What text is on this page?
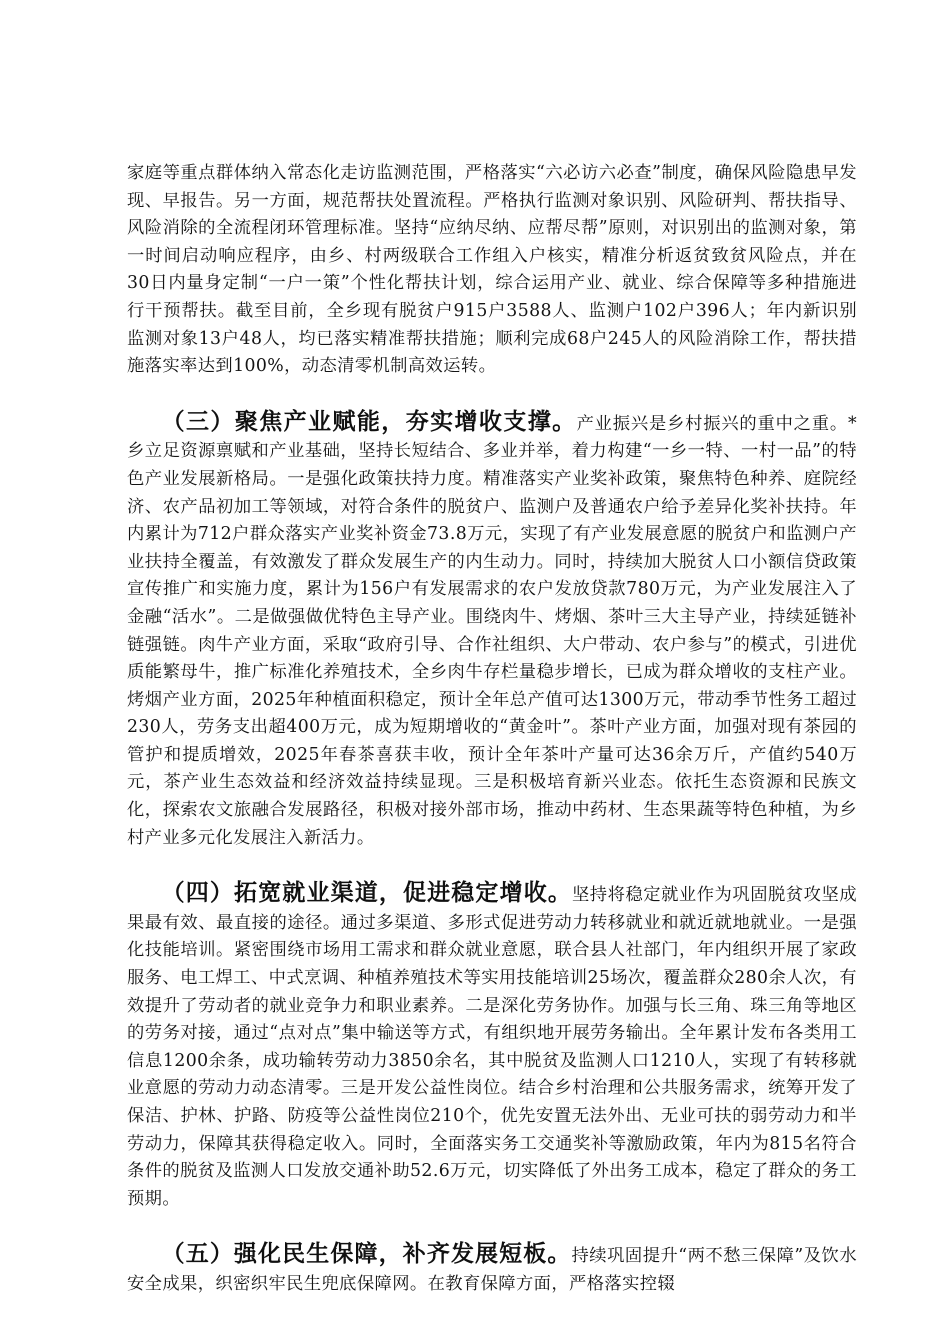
家庭等重点群体纳入常态化走访监测范围，严格落实“六必访六必查”制度，确保风险隐患早发现、早报告。另一方面，规范帮扶处置流程。严格执行监测对象识别、风险研判、帮扶指导、风险消除的全流程闭环管理标准。坚持“应纳尽纳、应帮尽帮”原则，对识别出的监测对象，第一时间启动响应程序，由乡、村两级联合工作组入户核实，精准分析返贫致贫风险点，并在30日内量身定制“一户一策”个性化帮扶计划，综合运用产业、就业、综合保障等多种措施进行干预帮扶。截至目前，全乡现有脱贫户915户3588人、监测户102户396人；年内新识别监测对象13户48人，均已落实精准帮扶措施；顺利完成68户245人的风险消除工作，帮扶措施落实率达到100%，动态清零机制高效运转。

（三）聚焦产业赋能，夯实增收支撑。产业振兴是乡村振兴的重中之重。*乡立足资源禀赋和产业基础，坚持长短结合、多业并举，着力构建“一乡一特、一村一品”的特色产业发展新格局。一是强化政策扶持力度。精准落实产业奖补政策，聚焦特色种养、庭院经济、农产品初加工等领域，对符合条件的脱贫户、监测户及普通农户给予差异化奖补扶持。年内累计为712户群众落实产业奖补资金73.8万元，实现了有产业发展意愿的脱贫户和监测户产业扶持全覆盖，有效激发了群众发展生产的内生动力。同时，持续加大脱贫人口小额信贷政策宣传推广和实施力度，累计为156户有发展需求的农户发放贷款780万元，为产业发展注入了金融“活水”。二是做强做优特色主导产业。围绕肉牛、烤烟、茶叶三大主导产业，持续延链补链强链。肉牛产业方面，采取“政府引导、合作社组织、大户带动、农户参与”的模式，引进优质能繁母牛，推广标准化养殖技术，全乡肉牛存栏量稳步增长，已成为群众增收的支柱产业。烤烟产业方面，2025年种植面积稳定，预计全年总产值可达1300万元，带动季节性务工超过230人，劳务支出超400万元，成为短期增收的“黄金叶”。茶叶产业方面，加强对现有茶园的管护和提质增效，2025年春茶喜获丰收，预计全年茶叶产量可达36余万斤，产值约540万元，茶产业生态效益和经济效益持续显现。三是积极培育新兴业态。依托生态资源和民族文化，探索农文旅融合发展路径，积极对接外部市场，推动中药材、生态果蔬等特色种植，为乡村产业多元化发展注入新活力。

（四）拓宽就业渠道，促进稳定增收。坚持将稳定就业作为巩固脱贫攻坚成果最有效、最直接的途径。通过多渠道、多形式促进劳动力转移就业和就近就地就业。一是强化技能培训。紧密围绕市场用工需求和群众就业意愿，联合县人社部门，年内组织开展了家政服务、电工焊工、中式烹调、种植养殖技术等实用技能培训25场次，覆盖群众280余人次，有效提升了劳动者的就业竞争力和职业素养。二是深化劳务协作。加强与长三角、珠三角等地区的劳务对接，通过“点对点”集中输送等方式，有组织地开展劳务输出。全年累计发布各类用工信息1200余条，成功输转劳动力3850余名，其中脱贫及监测人口1210人，实现了有转移就业意愿的劳动力动态清零。三是开发公益性岗位。结合乡村治理和公共服务需求，统筹开发了保洁、护林、护路、防疫等公益性岗位210个，优先安置无法外出、无业可扶的弱劳动力和半劳动力，保障其获得稳定收入。同时，全面落实务工交通奖补等激励政策，年内为815名符合条件的脱贫及监测人口发放交通补助52.6万元，切实降低了外出务工成本，稳定了群众的务工预期。

（五）强化民生保障，补齐发展短板。持续巩固提升“两不愁三保障”及饮水安全成果，织密织牢民生兜底保障网。在教育保障方面，严格落实控辍
